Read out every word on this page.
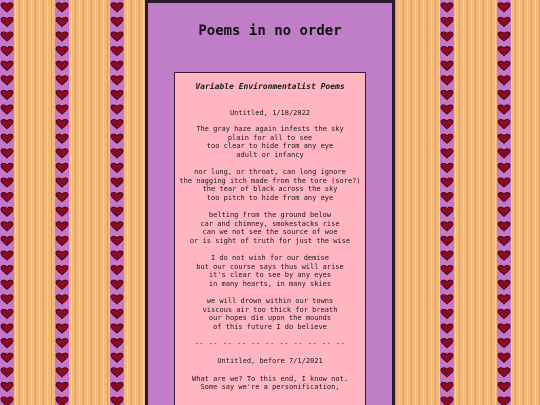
Poems in no order
Variable Environmentalist Poems
Untitled, 1/18/2022
The gray haze again infests the sky
plain for all to see
too clear to hide from any eye
adult or infancy
nor lung, or throat, can long ignore
the nagging itch made from the tore (sore?)
the tear of black across the sky
too pitch to hide from any eye
belting from the ground below
car and chimney, smokestacks rise
can we not see the source of woe
or is sight of truth for just the wise
I do not wish for our demise
but our course says thus will arise
it's clear to see by any eyes
in many hearts, in many skies
we will drown within our towns
viscous air too thick for breath
our hopes die upon the mounds
of this future I do believe
-- -- -- -- -- -- -- -- -- -- --
Untitled, before 7/1/2021
What are we? To this end, I know not.
Some say we're a personification,
